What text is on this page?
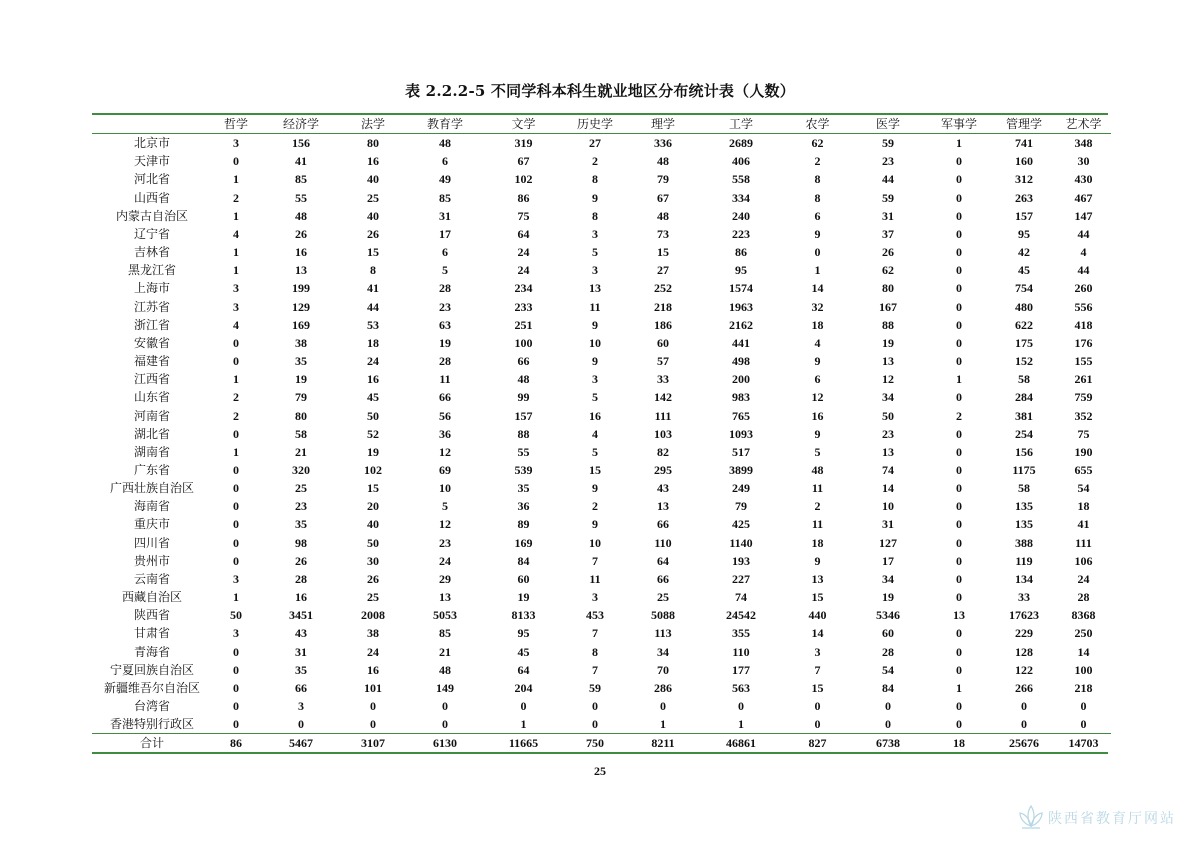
表 2.2.2-5 不同学科本科生就业地区分布统计表（人数）
	哲学	经济学	法学	教育学	文学	历史学	理学	工学	农学	医学	军事学	管理学	艺术学
北京市	3	156	80	48	319	27	336	2689	62	59	1	741	348
天津市	0	41	16	6	67	2	48	406	2	23	0	160	30
河北省	1	85	40	49	102	8	79	558	8	44	0	312	430
山西省	2	55	25	85	86	9	67	334	8	59	0	263	467
内蒙古自治区	1	48	40	31	75	8	48	240	6	31	0	157	147
辽宁省	4	26	26	17	64	3	73	223	9	37	0	95	44
吉林省	1	16	15	6	24	5	15	86	0	26	0	42	4
黑龙江省	1	13	8	5	24	3	27	95	1	62	0	45	44
上海市	3	199	41	28	234	13	252	1574	14	80	0	754	260
江苏省	3	129	44	23	233	11	218	1963	32	167	0	480	556
浙江省	4	169	53	63	251	9	186	2162	18	88	0	622	418
安徽省	0	38	18	19	100	10	60	441	4	19	0	175	176
福建省	0	35	24	28	66	9	57	498	9	13	0	152	155
江西省	1	19	16	11	48	3	33	200	6	12	1	58	261
山东省	2	79	45	66	99	5	142	983	12	34	0	284	759
河南省	2	80	50	56	157	16	111	765	16	50	2	381	352
湖北省	0	58	52	36	88	4	103	1093	9	23	0	254	75
湖南省	1	21	19	12	55	5	82	517	5	13	0	156	190
广东省	0	320	102	69	539	15	295	3899	48	74	0	1175	655
广西壮族自治区	0	25	15	10	35	9	43	249	11	14	0	58	54
海南省	0	23	20	5	36	2	13	79	2	10	0	135	18
重庆市	0	35	40	12	89	9	66	425	11	31	0	135	41
四川省	0	98	50	23	169	10	110	1140	18	127	0	388	111
贵州市	0	26	30	24	84	7	64	193	9	17	0	119	106
云南省	3	28	26	29	60	11	66	227	13	34	0	134	24
西藏自治区	1	16	25	13	19	3	25	74	15	19	0	33	28
陕西省	50	3451	2008	5053	8133	453	5088	24542	440	5346	13	17623	8368
甘肃省	3	43	38	85	95	7	113	355	14	60	0	229	250
青海省	0	31	24	21	45	8	34	110	3	28	0	128	14
宁夏回族自治区	0	35	16	48	64	7	70	177	7	54	0	122	100
新疆维吾尔自治区	0	66	101	149	204	59	286	563	15	84	1	266	218
台湾省	0	3	0	0	0	0	0	0	0	0	0	0	0
香港特别行政区	0	0	0	0	1	0	1	1	0	0	0	0	0
合计	86	5467	3107	6130	11665	750	8211	46861	827	6738	18	25676	14703
25
陕西省教育厅网站
